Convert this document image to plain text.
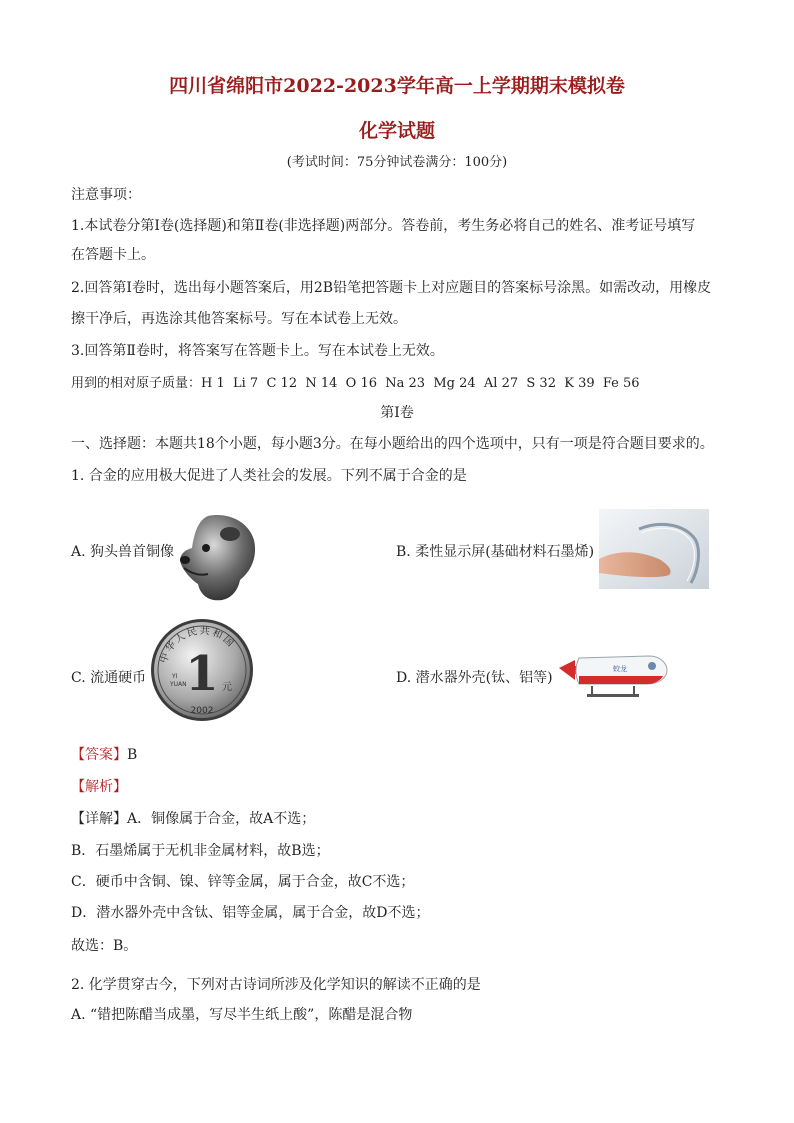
四川省绵阳市2022-2023学年高一上学期期末模拟卷
化学试题
(考试时间：75分钟试卷满分：100分)
注意事项：
1.本试卷分第Ⅰ卷(选择题)和第Ⅱ卷(非选择题)两部分。答卷前，考生务必将自己的姓名、准考证号填写
在答题卡上。
2.回答第Ⅰ卷时，选出每小题答案后，用2B铅笔把答题卡上对应题目的答案标号涂黑。如需改动，用橡皮
擦干净后，再选涂其他答案标号。写在本试卷上无效。
3.回答第Ⅱ卷时，将答案写在答题卡上。写在本试卷上无效。
用到的相对原子质量：H 1  Li 7  C 12  N 14  O 16  Na 23  Mg 24  Al 27  S 32  K 39  Fe 56
第Ⅰ卷
一、选择题：本题共18个小题，每小题3分。在每小题给出的四个选项中，只有一项是符合题目要求的。
1. 合金的应用极大促进了人类社会的发展。下列不属于合金的是
A. 狗头兽首铜像	B. 柔性显示屏(基础材料石墨烯)
C. 流通硬币
中华人民共和国
1 元
YI
YUAN
2002
D. 潜水器外壳(钛、铝等)
蛟龙
【答案】B
【解析】
【详解】A．铜像属于合金，故A不选；
B．石墨烯属于无机非金属材料，故B选；
C．硬币中含铜、镍、锌等金属，属于合金，故C不选；
D．潜水器外壳中含钛、铝等金属，属于合金，故D不选；
故选：B。
2. 化学贯穿古今，下列对古诗词所涉及化学知识的解读不正确的是
A. “错把陈醋当成墨，写尽半生纸上酸”，陈醋是混合物
